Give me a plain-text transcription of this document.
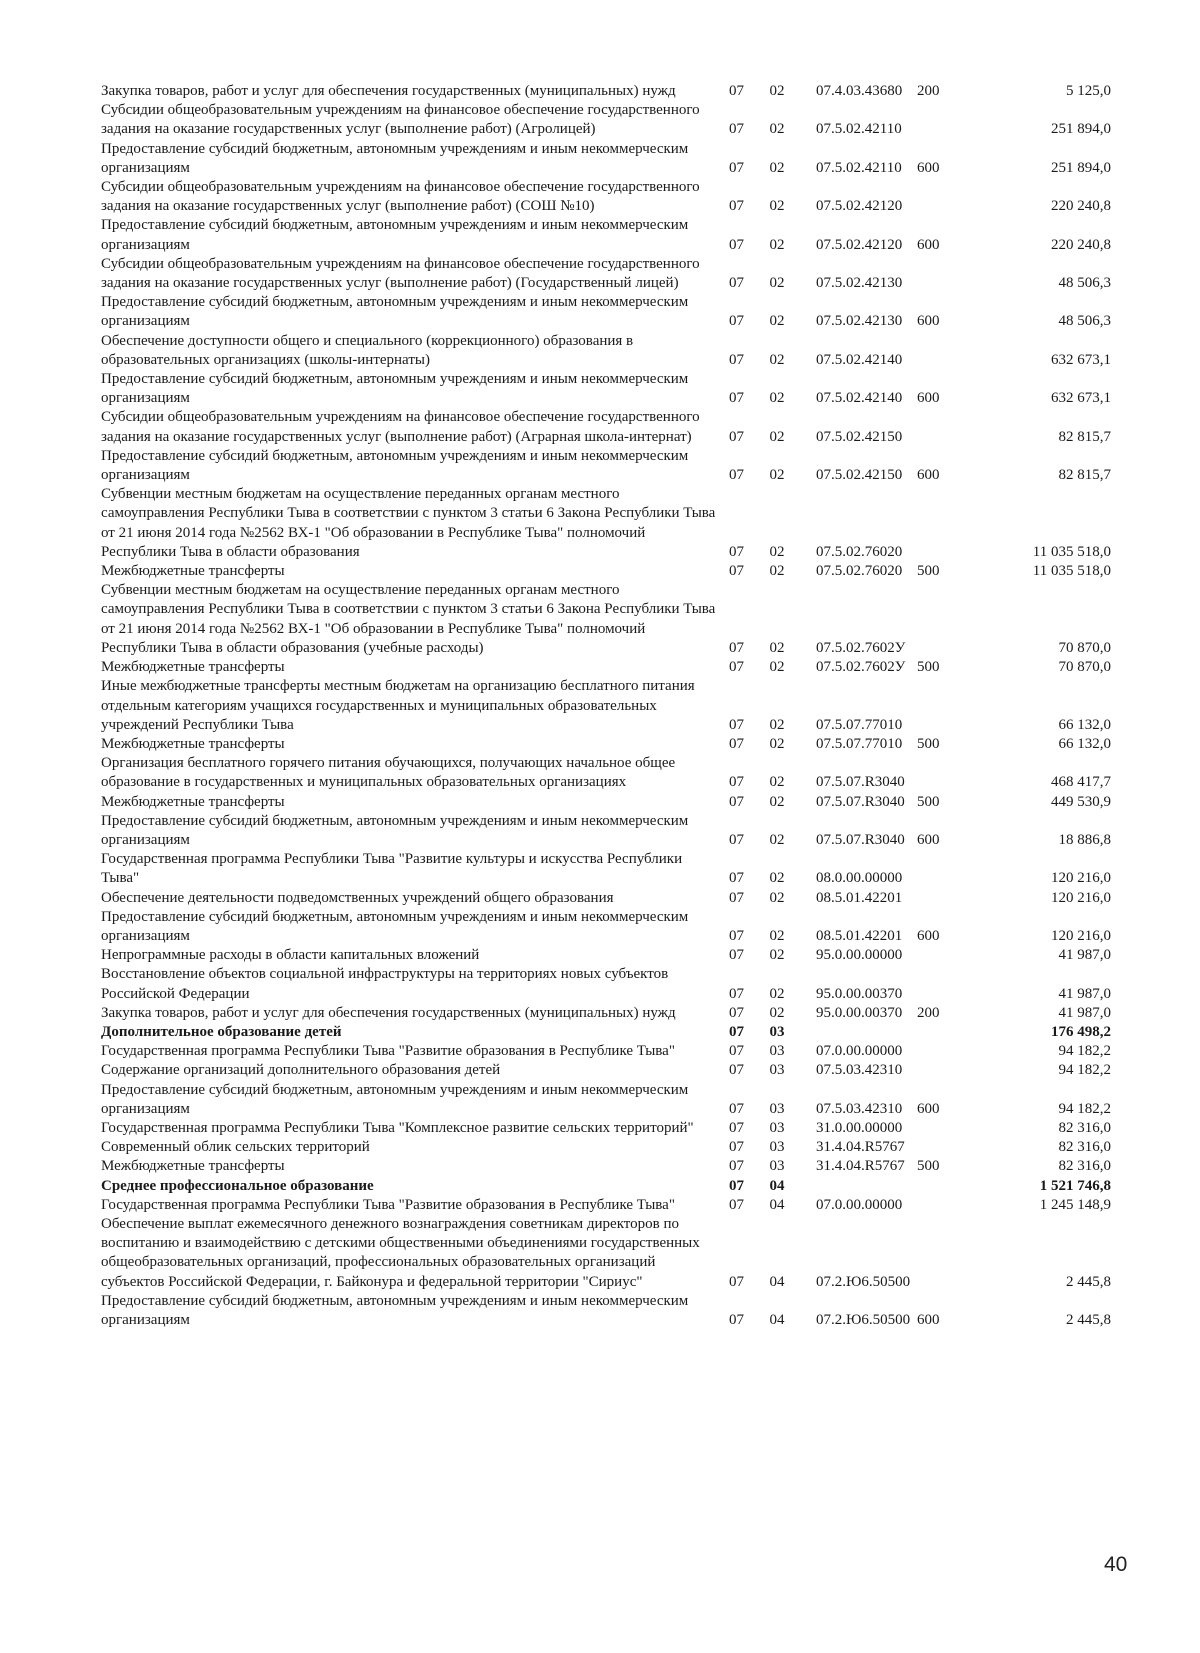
Закупка товаров, работ и услуг для обеспечения государственных (муниципальных) нужд	07	02	07.4.03.43680	200	5 125,0
Субсидии общеобразовательным учреждениям на финансовое обеспечение государственного задания на оказание государственных услуг (выполнение работ) (Агролицей)	07	02	07.5.02.42110		251 894,0
Предоставление субсидий бюджетным, автономным учреждениям и иным некоммерческим организациям	07	02	07.5.02.42110	600	251 894,0
Субсидии общеобразовательным учреждениям на финансовое обеспечение государственного задания на оказание государственных услуг (выполнение работ) (СОШ №10)	07	02	07.5.02.42120		220 240,8
Предоставление субсидий бюджетным, автономным учреждениям и иным некоммерческим организациям	07	02	07.5.02.42120	600	220 240,8
Субсидии общеобразовательным учреждениям на финансовое обеспечение государственного задания на оказание государственных услуг (выполнение работ) (Государственный лицей)	07	02	07.5.02.42130		48 506,3
Предоставление субсидий бюджетным, автономным учреждениям и иным некоммерческим организациям	07	02	07.5.02.42130	600	48 506,3
Обеспечение доступности общего и специального (коррекционного) образования в образовательных организациях (школы-интернаты)	07	02	07.5.02.42140		632 673,1
Предоставление субсидий бюджетным, автономным учреждениям и иным некоммерческим организациям	07	02	07.5.02.42140	600	632 673,1
Субсидии общеобразовательным учреждениям на финансовое обеспечение государственного задания на оказание государственных услуг (выполнение работ) (Аграрная школа-интернат)	07	02	07.5.02.42150		82 815,7
Предоставление субсидий бюджетным, автономным учреждениям и иным некоммерческим организациям	07	02	07.5.02.42150	600	82 815,7
Субвенции местным бюджетам на осуществление переданных органам местного самоуправления Республики Тыва в соответствии с пунктом 3 статьи 6 Закона Республики Тыва от 21 июня 2014 года №2562 ВХ-1 "Об образовании в Республике Тыва" полномочий Республики Тыва в области образования	07	02	07.5.02.76020		11 035 518,0
Межбюджетные трансферты	07	02	07.5.02.76020	500	11 035 518,0
Субвенции местным бюджетам на осуществление переданных органам местного самоуправления Республики Тыва в соответствии с пунктом 3 статьи 6 Закона Республики Тыва от 21 июня 2014 года №2562 ВХ-1 "Об образовании в Республике Тыва" полномочий Республики Тыва в области образования (учебные расходы)	07	02	07.5.02.7602У		70 870,0
Межбюджетные трансферты	07	02	07.5.02.7602У	500	70 870,0
Иные межбюджетные трансферты местным бюджетам на организацию бесплатного питания отдельным категориям учащихся государственных и муниципальных образовательных учреждений Республики Тыва	07	02	07.5.07.77010		66 132,0
Межбюджетные трансферты	07	02	07.5.07.77010	500	66 132,0
Организация бесплатного горячего питания обучающихся, получающих начальное общее образование в государственных и муниципальных образовательных организациях	07	02	07.5.07.R3040		468 417,7
Межбюджетные трансферты	07	02	07.5.07.R3040	500	449 530,9
Предоставление субсидий бюджетным, автономным учреждениям и иным некоммерческим организациям	07	02	07.5.07.R3040	600	18 886,8
Государственная программа Республики Тыва "Развитие культуры и искусства Республики Тыва"	07	02	08.0.00.00000		120 216,0
Обеспечение деятельности подведомственных учреждений общего образования	07	02	08.5.01.42201		120 216,0
Предоставление субсидий бюджетным, автономным учреждениям и иным некоммерческим организациям	07	02	08.5.01.42201	600	120 216,0
Непрограммные расходы в области капитальных вложений	07	02	95.0.00.00000		41 987,0
Восстановление объектов социальной инфраструктуры на территориях новых субъектов Российской Федерации	07	02	95.0.00.00370		41 987,0
Закупка товаров, работ и услуг для обеспечения государственных (муниципальных) нужд	07	02	95.0.00.00370	200	41 987,0
Дополнительное образование детей	07	03			176 498,2
Государственная программа Республики Тыва "Развитие образования в Республике Тыва"	07	03	07.0.00.00000		94 182,2
Содержание организаций дополнительного образования детей	07	03	07.5.03.42310		94 182,2
Предоставление субсидий бюджетным, автономным учреждениям и иным некоммерческим организациям	07	03	07.5.03.42310	600	94 182,2
Государственная программа Республики Тыва "Комплексное развитие сельских территорий"	07	03	31.0.00.00000		82 316,0
Современный облик сельских территорий	07	03	31.4.04.R5767		82 316,0
Межбюджетные трансферты	07	03	31.4.04.R5767	500	82 316,0
Среднее профессиональное образование	07	04			1 521 746,8
Государственная программа Республики Тыва "Развитие образования в Республике Тыва"	07	04	07.0.00.00000		1 245 148,9
Обеспечение выплат ежемесячного денежного вознаграждения советникам директоров по воспитанию и взаимодействию с детскими общественными объединениями государственных общеобразовательных организаций, профессиональных образовательных организаций субъектов Российской Федерации, г. Байконура и федеральной территории "Сириус"	07	04	07.2.Ю6.50500		2 445,8
Предоставление субсидий бюджетным, автономным учреждениям и иным некоммерческим организациям	07	04	07.2.Ю6.50500	600	2 445,8
40
